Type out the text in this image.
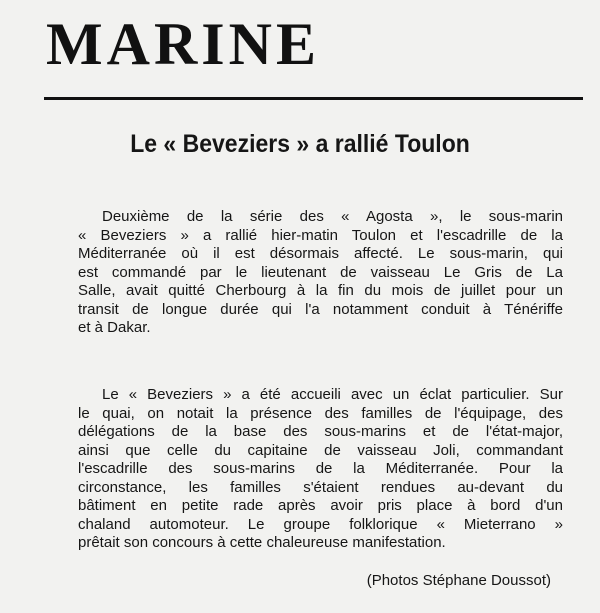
MARINE
Le « Beveziers » a rallié Toulon

Deuxième de la série des « Agosta », le sous-marin
« Beveziers » a rallié hier-matin Toulon et l'escadrille de la
Méditerranée où il est désormais affecté. Le sous-marin, qui
est commandé par le lieutenant de vaisseau Le Gris de La
Salle, avait quitté Cherbourg à la fin du mois de juillet pour un
transit de longue durée qui l'a notamment conduit à Ténériffe
et à Dakar.

Le « Beveziers » a été accueili avec un éclat particulier. Sur
le quai, on notait la présence des familles de l'équipage, des
délégations de la base des sous-marins et de l'état-major,
ainsi que celle du capitaine de vaisseau Joli, commandant
l'escadrille des sous-marins de la Méditerranée. Pour la
circonstance, les familles s'étaient rendues au-devant du
bâtiment en petite rade après avoir pris place à bord d'un
chaland automoteur. Le groupe folklorique « Mieterrano »
prêtait son concours à cette chaleureuse manifestation.

(Photos Stéphane Doussot)
